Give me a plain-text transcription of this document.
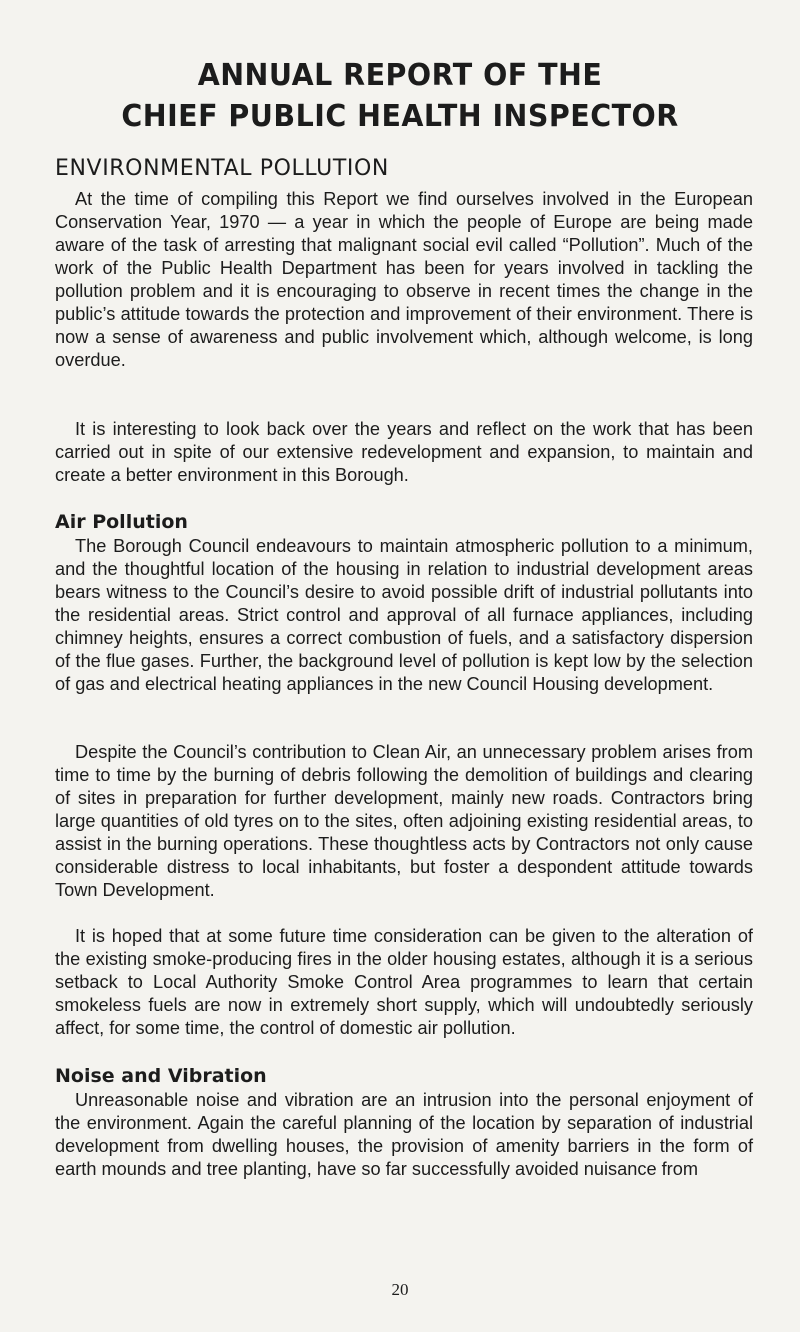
ANNUAL REPORT OF THE
CHIEF PUBLIC HEALTH INSPECTOR
ENVIRONMENTAL POLLUTION

At the time of compiling this Report we find ourselves involved in the European Conservation Year, 1970 — a year in which the people of Europe are being made aware of the task of arresting that malignant social evil called “Pollution”. Much of the work of the Public Health Department has been for years involved in tackling the pollution problem and it is encouraging to observe in recent times the change in the public’s attitude towards the protection and improvement of their environment. There is now a sense of awareness and public involvement which, although welcome, is long overdue.

It is interesting to look back over the years and reflect on the work that has been carried out in spite of our extensive redevelopment and expansion, to maintain and create a better environment in this Borough.

Air Pollution

The Borough Council endeavours to maintain atmospheric pollution to a minimum, and the thoughtful location of the housing in relation to industrial development areas bears witness to the Council’s desire to avoid possible drift of industrial pollutants into the residential areas. Strict control and approval of all furnace appliances, including chimney heights, ensures a correct combustion of fuels, and a satisfactory dispersion of the flue gases. Further, the background level of pollution is kept low by the selection of gas and electrical heating appliances in the new Council Housing development.

Despite the Council’s contribution to Clean Air, an unnecessary problem arises from time to time by the burning of debris following the demolition of buildings and clearing of sites in preparation for further development, mainly new roads. Contractors bring large quantities of old tyres on to the sites, often adjoining existing residential areas, to assist in the burning operations. These thoughtless acts by Contractors not only cause considerable distress to local inhabitants, but foster a despondent attitude towards Town Development.

It is hoped that at some future time consideration can be given to the alteration of the existing smoke-producing fires in the older housing estates, although it is a serious setback to Local Authority Smoke Control Area programmes to learn that certain smokeless fuels are now in extremely short supply, which will undoubtedly seriously affect, for some time, the control of domestic air pollution.

Noise and Vibration

Unreasonable noise and vibration are an intrusion into the personal enjoyment of the environment. Again the careful planning of the location by separation of industrial development from dwelling houses, the provision of amenity barriers in the form of earth mounds and tree planting, have so far successfully avoided nuisance from

20
